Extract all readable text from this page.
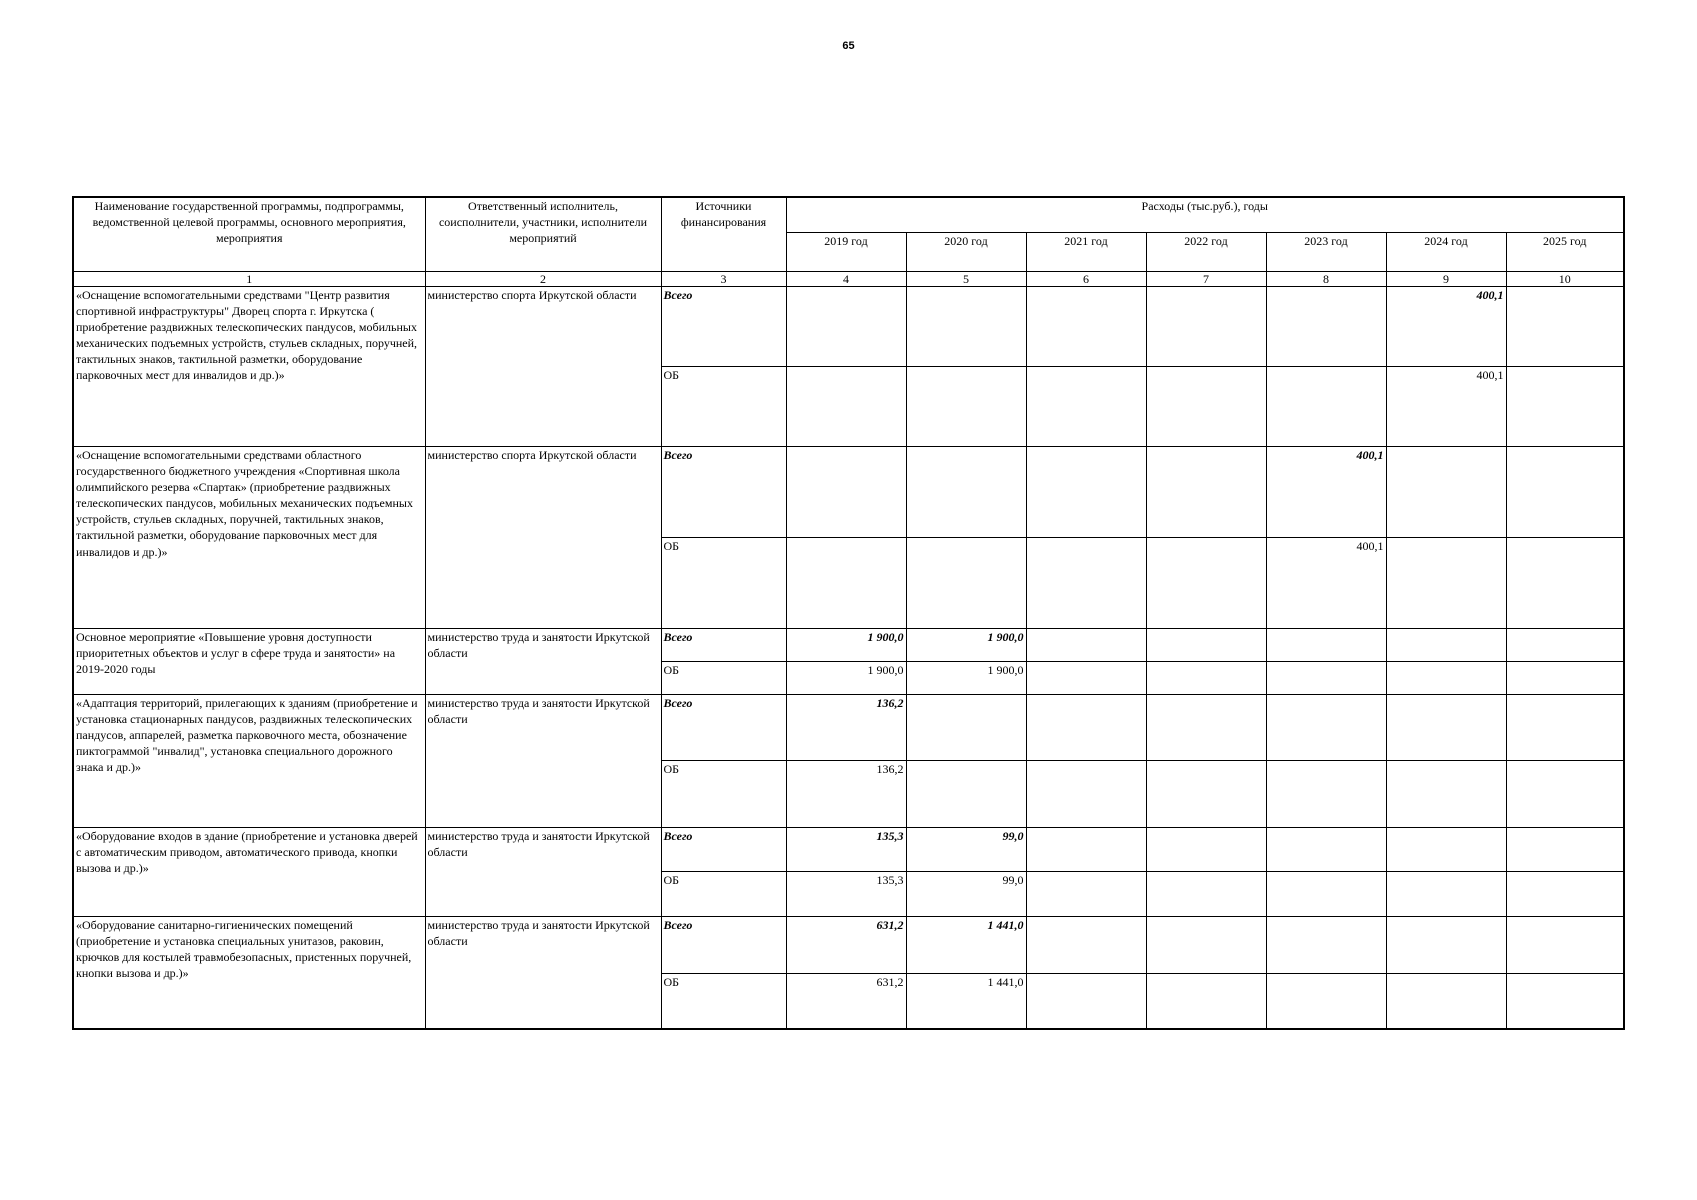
65
Наименование государственной программы, подпрограммы, ведомственной целевой программы, основного мероприятия, мероприятия	Ответственный исполнитель, соисполнители, участники, исполнители мероприятий	Источники финансирования	Расходы (тыс.руб.), годы						
			2019 год	2020 год	2021 год	2022 год	2023 год	2024 год	2025 год
1	2	3	4	5	6	7	8	9	10
«Оснащение вспомогательными средствами "Центр развития спортивной инфраструктуры" Дворец спорта г. Иркутска ( приобретение раздвижных телескопических пандусов, мобильных механических подъемных устройств, стульев складных, поручней, тактильных знаков, тактильной разметки, оборудование парковочных мест для инвалидов и др.)»	министерство спорта Иркутской области	Всего						400,1	
		ОБ						400,1	
«Оснащение вспомогательными средствами областного государственного бюджетного учреждения «Спортивная школа олимпийского резерва «Спартак» (приобретение раздвижных телескопических пандусов, мобильных механических подъемных устройств, стульев складных, поручней, тактильных знаков, тактильной разметки, оборудование парковочных мест для инвалидов и др.)»	министерство спорта Иркутской области	Всего					400,1		
		ОБ					400,1		
Основное мероприятие «Повышение уровня доступности приоритетных объектов и услуг в сфере труда и занятости» на 2019-2020 годы	министерство труда и занятости Иркутской области	Всего	1 900,0	1 900,0					
		ОБ	1 900,0	1 900,0					
«Адаптация территорий, прилегающих к зданиям (приобретение и установка стационарных пандусов, раздвижных телескопических пандусов, аппарелей, разметка парковочного места, обозначение пиктограммой "инвалид", установка специального дорожного знака и др.)»	министерство труда и занятости Иркутской области	Всего	136,2						
		ОБ	136,2						
«Оборудование входов в здание (приобретение и установка дверей с автоматическим приводом, автоматического привода, кнопки вызова и др.)»	министерство труда и занятости Иркутской области	Всего	135,3	99,0					
		ОБ	135,3	99,0					
«Оборудование санитарно-гигиенических помещений (приобретение и установка специальных унитазов, раковин, крючков для костылей травмобезопасных, пристенных поручней, кнопки вызова и др.)»	министерство труда и занятости Иркутской области	Всего	631,2	1 441,0					
		ОБ	631,2	1 441,0					
